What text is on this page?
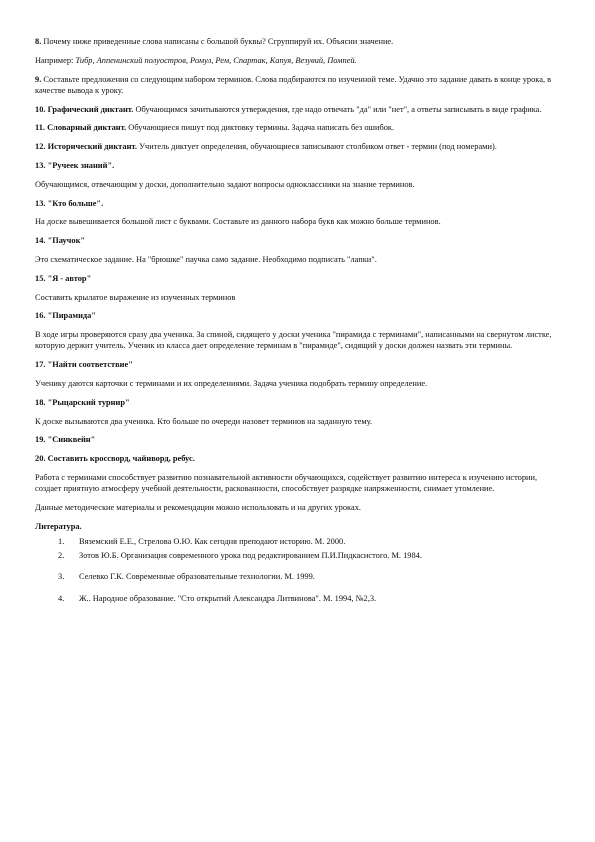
8. Почему ниже приведенные слова написаны с большой буквы? Сгруппируй их. Объясни значение.

Например: Тибр, Аппенинский полуостров, Ромул, Рем, Спартак, Капуя, Везувий, Помпей.

9. Составьте предложения со следующим набором терминов. Слова подбираются по изученной теме. Удачно это задание давать в конце урока, в качестве вывода к уроку.

10. Графический диктант. Обучающимся зачитываются утверждения, где надо отвечать "да" или "нет", а ответы записывать в виде графика.

11. Словарный диктант. Обучающиеся пишут под диктовку термины. Задача написать без ошибок.

12. Исторический диктант. Учитель диктует определения, обучающиеся записывают столбиком ответ - термин (под номерами).

13. "Ручеек знаний".

Обучающимся, отвечающим у доски, дополнительно задают вопросы одноклассники на знание терминов.

13. "Кто больше".

На доске вывешивается большой лист с буквами. Составьте из данного набора букв как можно больше терминов.

14. "Паучок"

Это схематическое задание. На "брюшке" паучка само задание. Необходимо подписать "лапки".

15. "Я - автор"

Составить крылатое выражение из изученных терминов

16. "Пирамида"

В ходе игры проверяются сразу два ученика. За спиной, сидящего у доски ученика "пирамида с терминами", написанными на свернутом листке, которую держит учитель. Ученик из класса дает определение терминам в "пирамиде", сидящий у доски должен назвать эти термины.

17. "Найти соответствие"

Ученику даются карточки с терминами и их определениями. Задача ученика подобрать термину определение.

18. "Рыцарский турнир"

К доске вызываются два ученика. Кто больше по очереди назовет терминов на заданную тему.

19. "Синквейн"

20. Составить кроссворд, чайнворд, ребус.

Работа с терминами способствует развитию познавательной активности обучающихся, содействует развитию интереса к изучению истории, создает приятную атмосферу учебной деятельности, раскованности, способствует разрядке напряженности, снимает утомление.

Данные методические материалы и рекомендации можно использовать и на других уроках.

Литература.

1. Вяземский Е.Е., Стрелова О.Ю. Как сегодня преподают историю. М. 2000.
2. Зотов Ю.Б. Организация современного урока под редактированием П.И.Пидкасистого. М. 1984.
3. Селевко Г.К. Современные образовательные технологии. М. 1999.
4. Ж.. Народное образование. "Сто открытий Александра Литвинова". М. 1994, №2,3.
